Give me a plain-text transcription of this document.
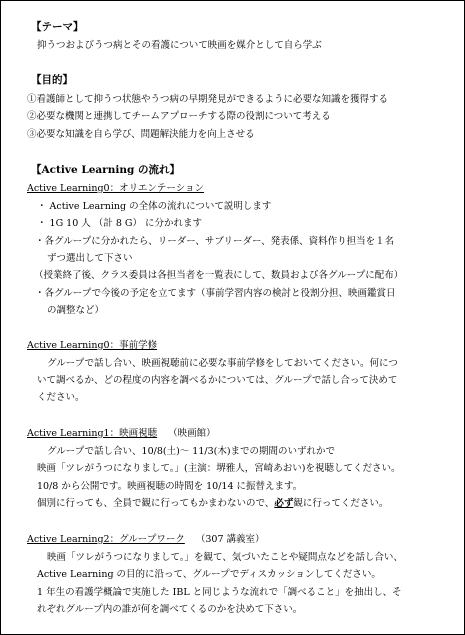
【テーマ】
抑うつおよびうつ病とその看護について映画を媒介として自ら学ぶ
【目的】
①看護師として抑うつ状態やうつ病の早期発見ができるように必要な知識を獲得する
②必要な機関と連携してチームアプローチする際の役割について考える
③必要な知識を自ら学び、問題解決能力を向上させる
【Active Learning の流れ】
Active Learning0：オリエンテーション
・ Active Learning の全体の流れについて説明します
・ 1G 10 人 （計 8 G） に分かれます
・各グループに分かれたら、リーダー、サブリーダー、発表係、資料作り担当を１名
ずつ選出して下さい
（授業終了後、クラス委員は各担当者を一覧表にして、数員および各グループに配布）
・各グループで今後の予定を立てます（事前学習内容の検討と役割分担、映画鑑賞日
の調整など）
Active Learning0：事前学修
グループで話し合い、映画視聴前に必要な事前学修をしておいてください。何につ
いて調べるか、どの程度の内容を調べるかについては、グループで話し合って決めて
ください。
Active Learning1：映画視聴 （映画館）
グループで話し合い、10/8(土)～ 11/3(木)までの期間のいずれかで
映画「ツレがうつになりまして。」(主演：堺雅人，宮崎あおい)を視聴してください。
10/8 から公開です。映画視聴の時間を 10/14 に振替えます。
個別に行っても、全員で観に行ってもかまわないので、必ず観に行ってください。
Active Learning2：グループワーク （307 講義室）
映画「ツレがうつになりまして。」を観て、気づいたことや疑問点などを話し合い、
Active Learning の目的に沿って、グループでディスカッションしてください。
1 年生の看護学概論で実施した IBL と同じような流れで「調べること」を抽出し、そ
れぞれグループ内の誰が何を調べてくるのかを決めて下さい。
